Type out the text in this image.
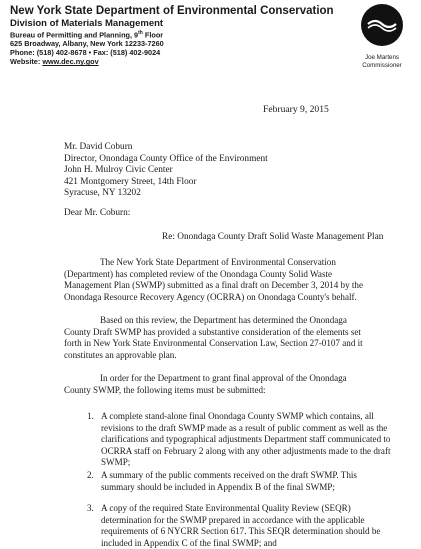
New York State Department of Environmental Conservation
Division of Materials Management
Bureau of Permitting and Planning, 9th Floor
625 Broadway, Albany, New York 12233-7260
Phone: (518) 402-8678 • Fax: (518) 402-9024
Website: www.dec.ny.gov	Joe Martens
Commissioner
February 9, 2015
Mr. David Coburn
Director, Onondaga County Office of the Environment
John H. Mulroy Civic Center
421 Montgomery Street, 14th Floor
Syracuse, NY 13202
Dear Mr. Coburn:
Re: Onondaga County Draft Solid Waste Management Plan
The New York State Department of Environmental Conservation (Department) has completed review of the Onondaga County Solid Waste Management Plan (SWMP) submitted as a final draft on December 3, 2014 by the Onondaga Resource Recovery Agency (OCRRA) on Onondaga County's behalf.
Based on this review, the Department has determined the Onondaga County Draft SWMP has provided a substantive consideration of the elements set forth in New York State Environmental Conservation Law, Section 27-0107 and it constitutes an approvable plan.
In order for the Department to grant final approval of the Onondaga County SWMP, the following items must be submitted:
1. A complete stand-alone final Onondaga County SWMP which contains, all revisions to the draft SWMP made as a result of public comment as well as the clarifications and typographical adjustments Department staff communicated to OCRRA staff on February 2 along with any other adjustments made to the draft SWMP;
2. A summary of the public comments received on the draft SWMP. This summary should be included in Appendix B of the final SWMP;
3. A copy of the required State Environmental Quality Review (SEQR) determination for the SWMP prepared in accordance with the applicable requirements of 6 NYCRR Section 617. This SEQR determination should be included in Appendix C of the final SWMP; and
